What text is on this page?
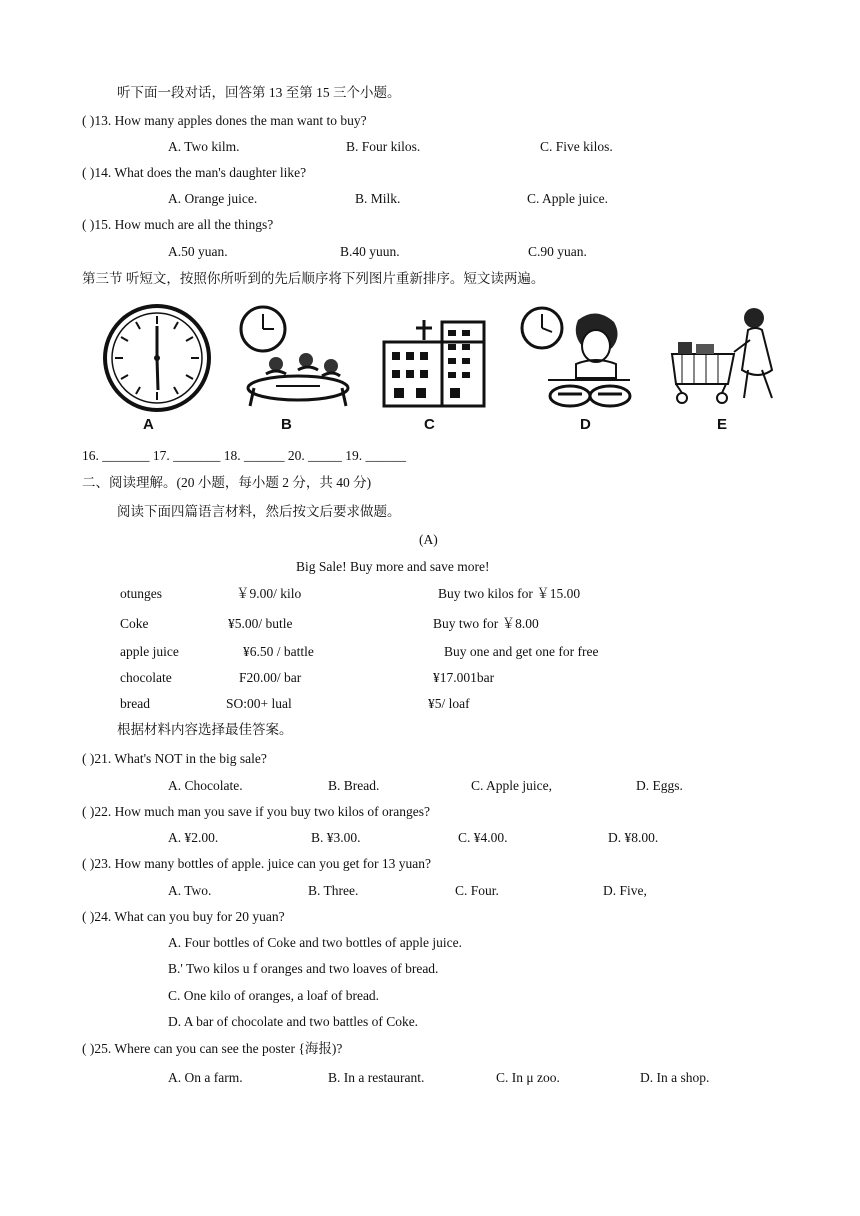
听下面一段对话，回答第 13 至第 15 三个小题。
( )13. How many apples dones the man want to buy?
A. Two kilm.	B. Four kilos.	C. Five kilos.
( )14. What does the man's daughter like?
A. Orange juice.	B. Milk.	C. Apple juice.
( )15. How much are all the things?
A.50 yuan.	B.40 yuun.	C.90 yuan.
第三节 听短文，按照你所听到的先后顺序将下列图片重新排序。短文读两遍。
A	B	C	D	E
16. _______ 17. _______ 18. ______ 20. _____ 19. ______
二、阅读理解。(20 小题，每小题 2 分，共 40 分)
阅读下面四篇语言材料，然后按文后要求做题。
(A)
Big Sale! Buy more and save more!
otunges	￥9.00/ kilo	Buy two kilos for ￥15.00
Coke	¥5.00/ butle	Buy two for ￥8.00
apple juice	¥6.50 / battle	Buy one and get one for free
chocolate	F20.00/ bar	¥17.001bar
bread	SO:00+ lual	¥5/ loaf
根据材料内容选择最佳答案。
( )21. What's NOT in the big sale?
A. Chocolate.	B. Bread.	C. Apple juice,	D. Eggs.
( )22. How much man you save if you buy two kilos of oranges?
A. ¥2.00.	B. ¥3.00.	C. ¥4.00.	D. ¥8.00.
( )23. How many bottles of apple. juice can you get for 13 yuan?
A. Two.	B. Three.	C. Four.	D. Five,
( )24. What can you buy for 20 yuan?
A. Four bottles of Coke and two bottles of apple juice.
B.' Two kilos u f oranges and two loaves of bread.
C. One kilo of oranges, a loaf of bread.
D. A bar of chocolate and two battles of Coke.
( )25. Where can you can see the poster {海报)?
A. On a farm.	B. In a restaurant.	C. In μ zoo.	D. In a shop.
